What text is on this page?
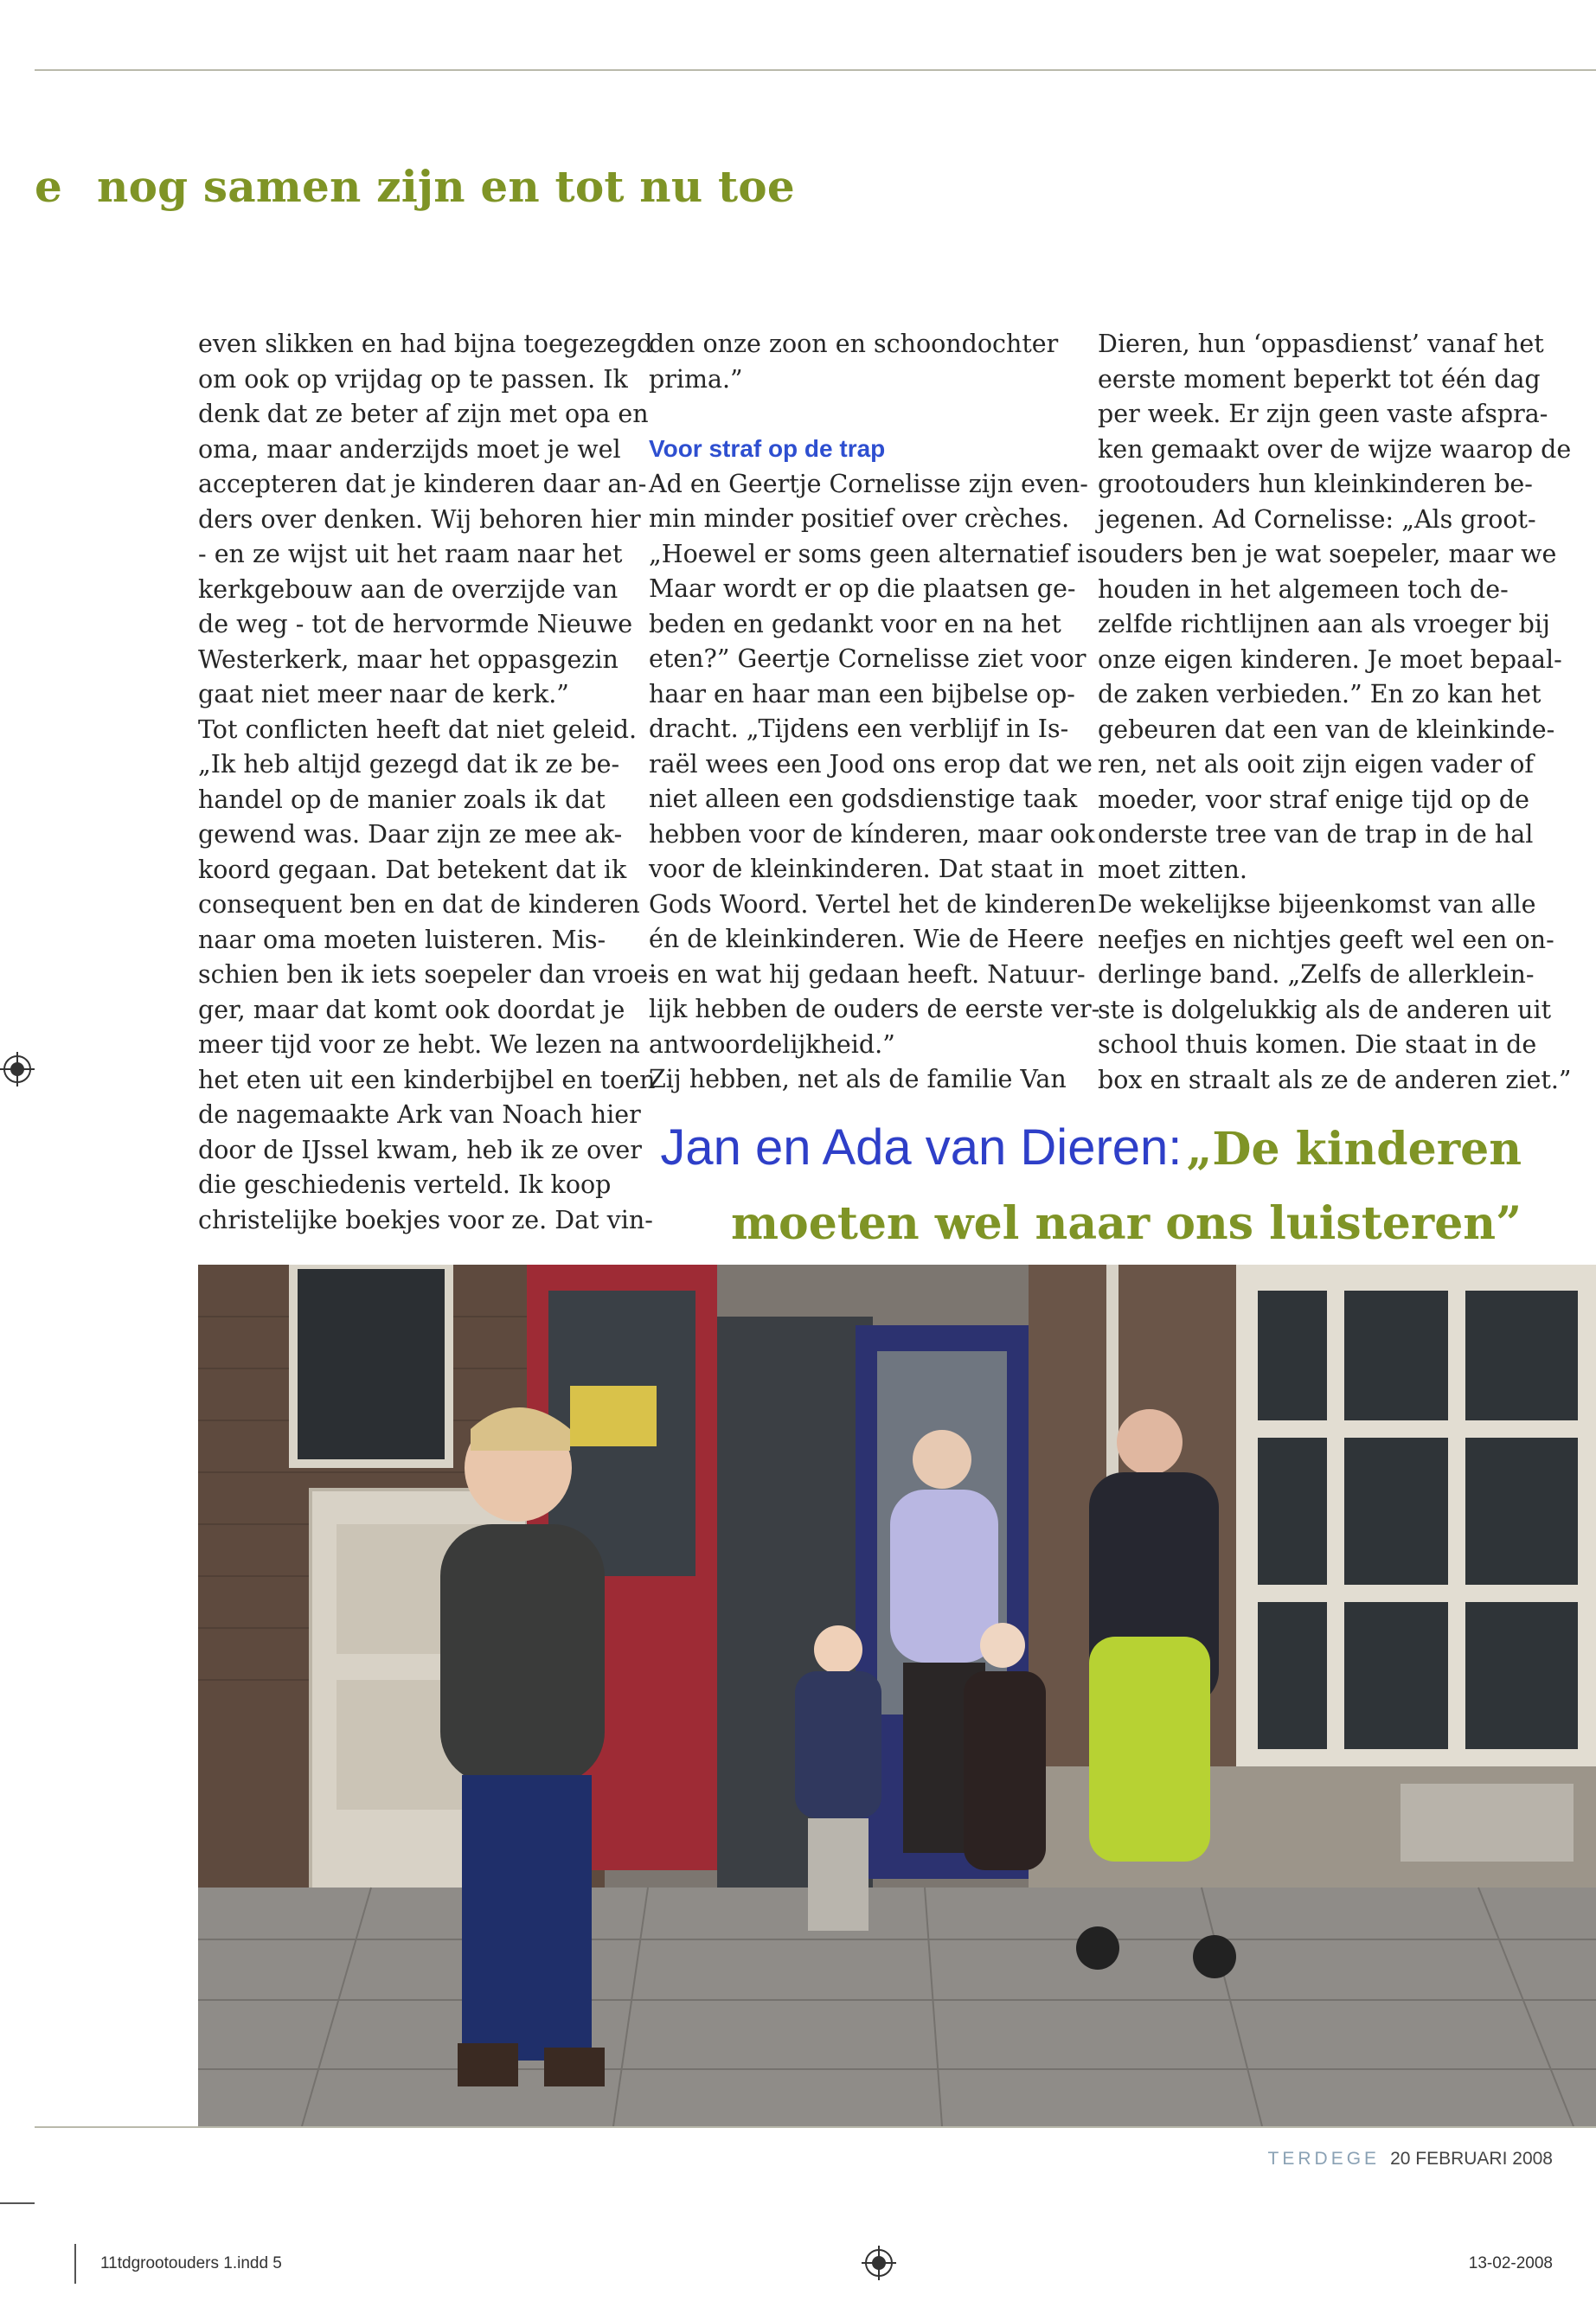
e nog samen zijn en tot nu toe

even slikken en had bijna toegezegd

om ook op vrijdag op te passen. Ik

denk dat ze beter af zijn met opa en

oma, maar anderzijds moet je wel

accepteren dat je kinderen daar an-

ders over denken. Wij behoren hier

- en ze wijst uit het raam naar het

kerkgebouw aan de overzijde van

de weg - tot de hervormde Nieuwe

Westerkerk, maar het oppasgezin

gaat niet meer naar de kerk.”

Tot conflicten heeft dat niet geleid.

„Ik heb altijd gezegd dat ik ze be-

handel op de manier zoals ik dat

gewend was. Daar zijn ze mee ak-

koord gegaan. Dat betekent dat ik

consequent ben en dat de kinderen

naar oma moeten luisteren. Mis-

schien ben ik iets soepeler dan vroe-

ger, maar dat komt ook doordat je

meer tijd voor ze hebt. We lezen na

het eten uit een kinderbijbel en toen

de nagemaakte Ark van Noach hier

door de IJssel kwam, heb ik ze over

die geschiedenis verteld. Ik koop

christelijke boekjes voor ze. Dat vin-

den onze zoon en schoondochter

prima.”

Voor straf op de trap

Ad en Geertje Cornelisse zijn even-

min minder positief over crèches.

„Hoewel er soms geen alternatief is.

Maar wordt er op die plaatsen ge-

beden en gedankt voor en na het

eten?” Geertje Cornelisse ziet voor

haar en haar man een bijbelse op-

dracht. „Tijdens een verblijf in Is-

raël wees een Jood ons erop dat we

niet alleen een godsdienstige taak

hebben voor de kínderen, maar ook

voor de kleinkinderen. Dat staat in

Gods Woord. Vertel het de kinderen

én de kleinkinderen. Wie de Heere

is en wat hij gedaan heeft. Natuur-

lijk hebben de ouders de eerste ver-

antwoordelijkheid.”

Zij hebben, net als de familie Van

Dieren, hun ‘oppasdienst’ vanaf het

eerste moment beperkt tot één dag

per week. Er zijn geen vaste afspra-

ken gemaakt over de wijze waarop de

grootouders hun kleinkinderen be-

jegenen. Ad Cornelisse: „Als groot-

ouders ben je wat soepeler, maar we

houden in het algemeen toch de-

zelfde richtlijnen aan als vroeger bij

onze eigen kinderen. Je moet bepaal-

de zaken verbieden.” En zo kan het

gebeuren dat een van de kleinkinde-

ren, net als ooit zijn eigen vader of

moeder, voor straf enige tijd op de

onderste tree van de trap in de hal

moet zitten.

De wekelijkse bijeenkomst van alle

neefjes en nichtjes geeft wel een on-

derlinge band. „Zelfs de allerklein-

ste is dolgelukkig als de anderen uit

school thuis komen. Die staat in de

box en straalt als ze de anderen ziet.”

Jan en Ada van Dieren: „De kinderen
moeten wel naar ons luisteren”
TERDEGE 20 FEBRUARI 2008
11tdgrootouders 1.indd 5	13-02-2008
